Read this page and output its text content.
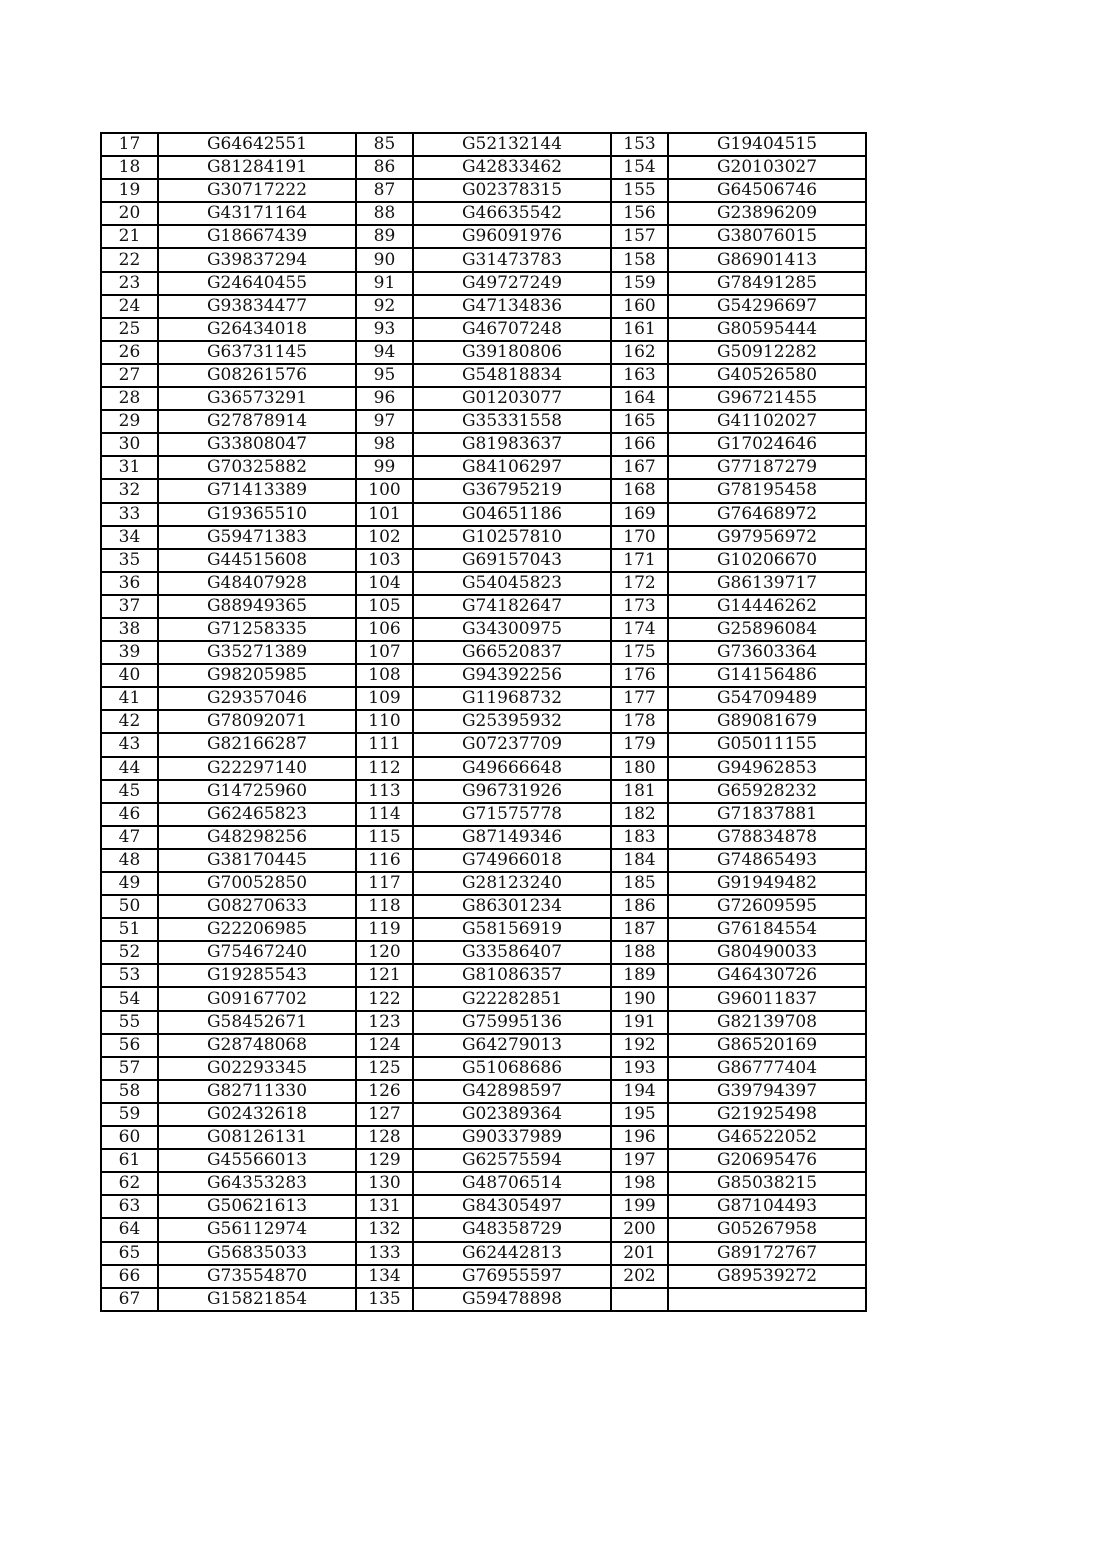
17	G64642551	85	G52132144	153	G19404515
18	G81284191	86	G42833462	154	G20103027
19	G30717222	87	G02378315	155	G64506746
20	G43171164	88	G46635542	156	G23896209
21	G18667439	89	G96091976	157	G38076015
22	G39837294	90	G31473783	158	G86901413
23	G24640455	91	G49727249	159	G78491285
24	G93834477	92	G47134836	160	G54296697
25	G26434018	93	G46707248	161	G80595444
26	G63731145	94	G39180806	162	G50912282
27	G08261576	95	G54818834	163	G40526580
28	G36573291	96	G01203077	164	G96721455
29	G27878914	97	G35331558	165	G41102027
30	G33808047	98	G81983637	166	G17024646
31	G70325882	99	G84106297	167	G77187279
32	G71413389	100	G36795219	168	G78195458
33	G19365510	101	G04651186	169	G76468972
34	G59471383	102	G10257810	170	G97956972
35	G44515608	103	G69157043	171	G10206670
36	G48407928	104	G54045823	172	G86139717
37	G88949365	105	G74182647	173	G14446262
38	G71258335	106	G34300975	174	G25896084
39	G35271389	107	G66520837	175	G73603364
40	G98205985	108	G94392256	176	G14156486
41	G29357046	109	G11968732	177	G54709489
42	G78092071	110	G25395932	178	G89081679
43	G82166287	111	G07237709	179	G05011155
44	G22297140	112	G49666648	180	G94962853
45	G14725960	113	G96731926	181	G65928232
46	G62465823	114	G71575778	182	G71837881
47	G48298256	115	G87149346	183	G78834878
48	G38170445	116	G74966018	184	G74865493
49	G70052850	117	G28123240	185	G91949482
50	G08270633	118	G86301234	186	G72609595
51	G22206985	119	G58156919	187	G76184554
52	G75467240	120	G33586407	188	G80490033
53	G19285543	121	G81086357	189	G46430726
54	G09167702	122	G22282851	190	G96011837
55	G58452671	123	G75995136	191	G82139708
56	G28748068	124	G64279013	192	G86520169
57	G02293345	125	G51068686	193	G86777404
58	G82711330	126	G42898597	194	G39794397
59	G02432618	127	G02389364	195	G21925498
60	G08126131	128	G90337989	196	G46522052
61	G45566013	129	G62575594	197	G20695476
62	G64353283	130	G48706514	198	G85038215
63	G50621613	131	G84305497	199	G87104493
64	G56112974	132	G48358729	200	G05267958
65	G56835033	133	G62442813	201	G89172767
66	G73554870	134	G76955597	202	G89539272
67	G15821854	135	G59478898		
